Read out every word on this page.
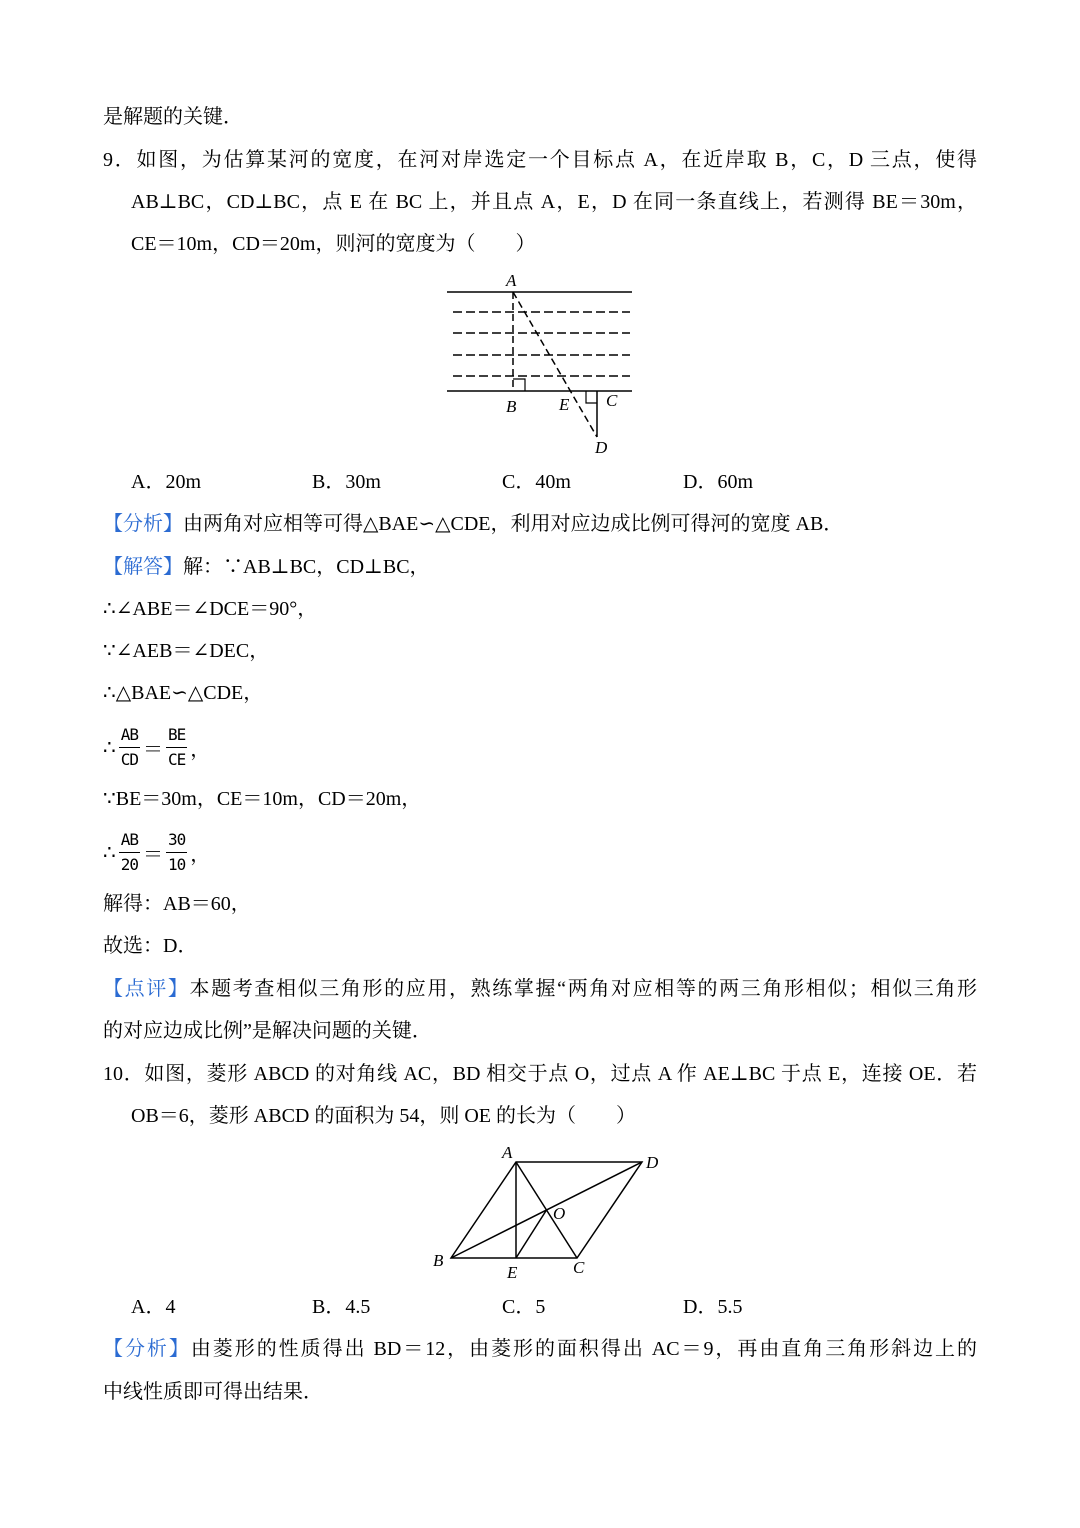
是解题的关键．
9．如图，为估算某河的宽度，在河对岸选定一个目标点 A，在近岸取 B，C，D 三点，使得
AB⊥BC，CD⊥BC，点 E 在 BC 上，并且点 A，E，D 在同一条直线上，若测得 BE＝30m，
CE＝10m，CD＝20m，则河的宽度为（　　）
A
B	E C
D
A．20m	B．30m	C．40m	D．60m
【分析】由两角对应相等可得△BAE∽△CDE，利用对应边成比例可得河的宽度 AB．
【解答】解：∵AB⊥BC，CD⊥BC，
∴∠ABE＝∠DCE＝90°，
∵∠AEB＝∠DEC，
∴△BAE∽△CDE，
∴ $\frac{AB}{CD} = \frac{BE}{CE}$ ，
∵BE＝30m，CE＝10m，CD＝20m，
∴ $\frac{AB}{20} = \frac{30}{10}$ ，
解得：AB＝60，
故选：D．
【点评】本题考查相似三角形的应用，熟练掌握“两角对应相等的两三角形相似；相似三角形
的对应边成比例”是解决问题的关键．
10．如图，菱形 ABCD 的对角线 AC，BD 相交于点 O，过点 A 作 AE⊥BC 于点 E，连接 OE．若
OB＝6，菱形 ABCD 的面积为 54，则 OE 的长为（　　）
A
D
O
B
E	C
A．4	B．4.5	C．5	D．5.5
【分析】由菱形的性质得出 BD＝12，由菱形的面积得出 AC＝9，再由直角三角形斜边上的
中线性质即可得出结果．
